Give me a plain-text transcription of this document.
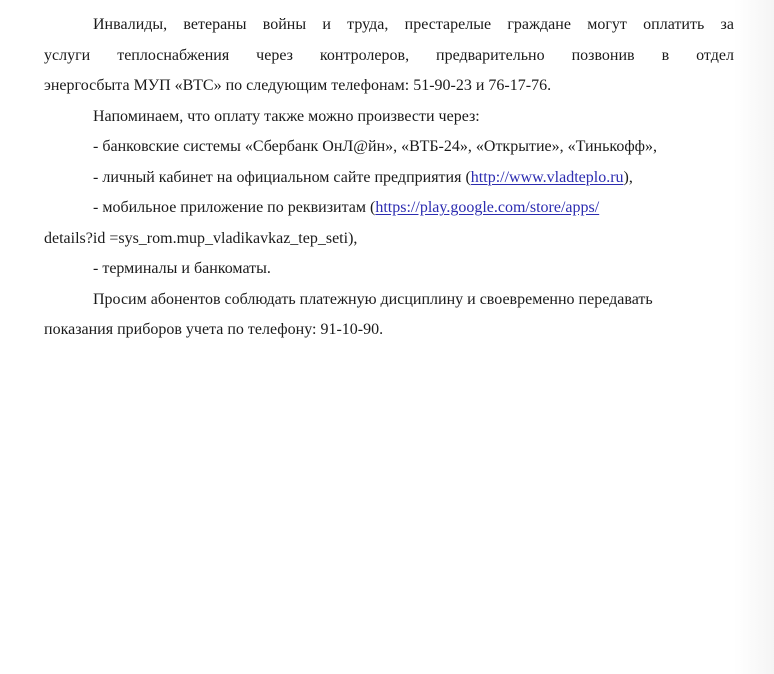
Инвалиды, ветераны войны и труда, престарелые граждане могут оплатить за
услуги теплоснабжения через контролеров, предварительно позвонив в отдел
энергосбыта МУП «ВТС» по следующим телефонам: 51-90-23 и 76-17-76.
Напоминаем, что оплату также можно произвести через:
- банковские системы «Сбербанк ОнЛ@йн», «ВТБ-24», «Открытие», «Тинькофф»,
- личный кабинет на официальном сайте предприятия (http://www.vladteplo.ru),
- мобильное приложение по реквизитам (https://play.google.com/store/apps/
details?id =sys_rom.mup_vladikavkaz_tep_seti),
- терминалы и банкоматы.
Просим абонентов соблюдать платежную дисциплину и своевременно передавать
показания приборов учета по телефону: 91-10-90.
